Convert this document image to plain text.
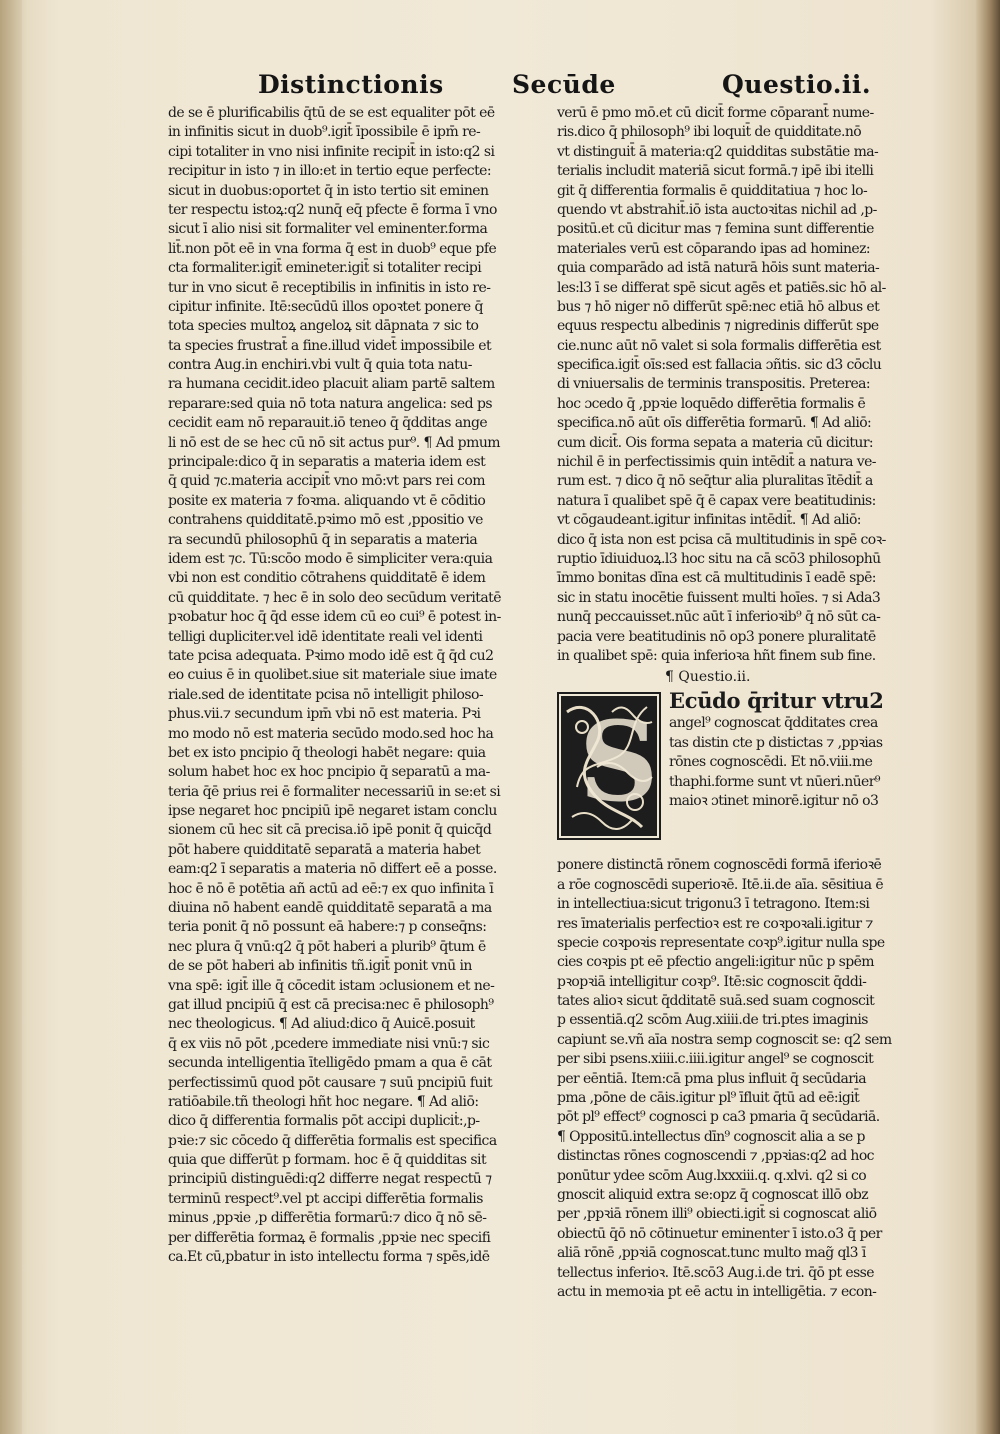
Distinctionis	Secūde	Questio.ii.
de se ē plurificabilis q̄tū de se est equaliter pōt eē
in infinitis sicut in duob⁹.igit̄ īpossibile ē ipm̄ re-
cipi totaliter in vno nisi infinite recipit̄ in isto:q2 si
recipitur in isto ⁊ in illo:et in tertio eque perfecte:
sicut in duobus:oportet q̄ in isto tertio sit eminen
ter respectu istoꝝ:q2 nunq̄ eq̄ pfecte ē forma ī vno
sicut ī alio nisi sit formaliter vel eminenter.forma
lit̄.non pōt eē in vna forma q̄ est in duob⁹ eque pfe
cta formaliter.igit̄ emineter.igit̄ si totaliter recipi
tur in vno sicut ē receptibilis in infinitis in isto re-
cipitur infinite. Itē:secūdū illos opoꝛtet ponere q̄
tota species multoꝝ angeloꝝ sit dāpnata ⁊ sic to
ta species frustrat̄ a fine.illud videt̄ impossibile et
contra Aug.in enchiri.vbi vult q̄ quia tota natu-
ra humana cecidit.ideo placuit aliam partē saltem
reparare:sed quia nō tota natura angelica: sed ps
cecidit eam nō reparauit.iō teneo q̄ q̄dditas ange
li nō est de se hec cū nō sit actus pur⁹. ¶ Ad pmum
principale:dico q̄ in separatis a materia idem est
q̄ quid ⁊c.materia accipit̄ vno mō:vt pars rei com
posite ex materia ⁊ foꝛma. aliquando vt ē cōditio
contrahens quidditatē.pꝛimo mō est ,ppositio ve
ra secundū philosophū q̄ in separatis a materia
idem est ⁊c. Tū:scōo modo ē simpliciter vera:quia
vbi non est conditio cōtrahens quidditatē ē idem
cū quidditate. ⁊ hec ē in solo deo secūdum veritatē
pꝛobatur hoc q̄ q̄d esse idem cū eo cui⁹ ē potest in-
telligi dupliciter.vel idē identitate reali vel identi
tate pcisa adequata. Pꝛimo modo idē est q̄ q̄d cu2
eo cuius ē in quolibet.siue sit materiale siue imate
riale.sed de identitate pcisa nō intelligit philoso-
phus.vii.⁊ secundum ipm̄ vbi nō est materia. Pꝛi
mo modo nō est materia secūdo modo.sed hoc ha
bet ex isto pncipio q̄ theologi habēt negare: quia
solum habet hoc ex hoc pncipio q̄ separatū a ma-
teria q̄ē prius rei ē formaliter necessariū in se:et si
ipse negaret hoc pncipiū ipē negaret istam conclu
sionem cū hec sit cā precisa.iō ipē ponit q̄ quicq̄d
pōt habere quidditatē separatā a materia habet
eam:q2 ī separatis a materia nō differt eē a posse.
hoc ē nō ē potētia añ actū ad eē:⁊ ex quo infinita ī
diuina nō habent eandē quidditatē separatā a ma
teria ponit q̄ nō possunt eā habere:⁊ p conseq̄ns:
nec plura q̄ vnū:q2 q̄ pōt haberi a plurib⁹ q̄tum ē
de se pōt haberi ab infinitis tñ.igit̄ ponit vnū in
vna spē: igit̄ ille q̄ cōcedit istam ɔclusionem et ne-
gat illud pncipiū q̄ est cā precisa:nec ē philosoph⁹
nec theologicus. ¶ Ad aliud:dico q̄ Auicē.posuit
q̄ ex viis nō pōt ,pcedere immediate nisi vnū:⁊ sic
secunda intelligentia ītelligēdo pmam a qua ē cāt
perfectissimū quod pōt causare ⁊ suū pncipiū fuit
ratiōabile.tñ theologi hñt hoc negare. ¶ Ad aliō:
dico q̄ differentia formalis pōt accipi dupliciṫ:,p-
pꝛie:⁊ sic cōcedo q̄ differētia formalis est specifica
quia que differūt p formam. hoc ē q̄ quidditas sit
principiū distinguēdi:q2 differre negat respectū ⁊
terminū respect⁹.vel pt accipi differētia formalis
minus ,ppꝛie ,p differētia formarū:⁊ dico q̄ nō sē-
per differētia formaꝝ ē formalis ,ppꝛie nec specifi
ca.Et cū,pbatur in isto intellectu forma ⁊ spēs,idē
verū ē pmo mō.et cū dicit̄ forme cōparant̄ nume-
ris.dico q̄ philosoph⁹ ibi loquit̄ de quidditate.nō
vt distinguit̄ ā materia:q2 quidditas substātie ma-
terialis includit materiā sicut formā.⁊ ipē ibi itelli
git q̄ differentia formalis ē quidditatiua ⁊ hoc lo-
quendo vt abstrahit̄.iō ista auctoꝛitas nichil ad ,p-
positū.et cū dicitur mas ⁊ femina sunt differentie
materiales verū est cōparando ipas ad hominez:
quia comparādo ad istā naturā hōis sunt materia-
les:l3 ī se differat spē sicut agēs et patiēs.sic hō al-
bus ⁊ hō niger nō differūt spē:nec etiā hō albus et
equus respectu albedinis ⁊ nigredinis differūt spe
cie.nunc aūt nō valet si sola formalis differētia est
specifica.igit̄ oīs:sed est fallacia ɔñtis. sic d3 cōclu
di vniuersalis de terminis transpositis. Preterea:
hoc ɔcedo q̄ ,ppꝛie loquēdo differētia formalis ē
specifica.nō aūt oīs differētia formarū. ¶ Ad aliō:
cum dicit̄. Ois forma sepata a materia cū dicitur:
nichil ē in perfectissimis quin intēdit̄ a natura ve-
rum est. ⁊ dico q̄ nō seq̄tur alia pluralitas ītēdit̄ a
natura ī qualibet spē q̄ ē capax vere beatitudinis:
vt cōgaudeant.igitur infinitas intēdit̄. ¶ Ad aliō:
dico q̄ ista non est pcisa cā multitudinis in spē coꝛ-
ruptio īdiuiduoꝝ.l3 hoc situ na cā scō3 philosophū
īmmo bonitas dīna est cā multitudinis ī eadē spē:
sic in statu inocētie fuissent multi hoīes. ⁊ si Ada3
nunq̄ peccauisset.nūc aūt ī inferioꝛib⁹ q̄ nō sūt ca-
pacia vere beatitudinis nō op3 ponere pluralitatē
in qualibet spē: quia inferioꝛa hñt finem sub fine.
¶ Questio.ii.
S Ecūdo q̄ritur vtru2
angel⁹ cognoscat q̄dditates crea
tas distin cte p distictas ⁊ ,ppꝛias
rōnes cognoscēdi. Et nō.viii.me
thaphi.forme sunt vt nūeri.nūer⁹
maioꝛ ɔtinet minorē.igitur nō o3
ponere distinctā rōnem cognoscēdi formā iferioꝛē
a rōe cognoscēdi superioꝛē. Itē.ii.de aīa. sēsitiua ē
in intellectiua:sicut trigonu3 ī tetragono. Item:si
res īmaterialis perfectioꝛ est re coꝛpoꝛali.igitur ⁊
specie coꝛpoꝛis representate coꝛp⁹.igitur nulla spe
cies coꝛpis pt eē pfectio angeli:igitur nūc p spēm
pꝛopꝛiā intelligitur coꝛp⁹. Itē:sic cognoscit q̄ddi-
tates alioꝛ sicut q̄dditatē suā.sed suam cognoscit
p essentiā.q2 scōm Aug.xiiii.de tri.ptes imaginis
capiunt se.vñ aīa nostra semp cognoscit se: q2 sem
per sibi psens.xiiii.c.iiii.igitur angel⁹ se cognoscit
per eēntiā. Item:cā pma plus influit q̄ secūdaria
pma ,pōne de cāis.igitur pl⁹ īfluit q̄tū ad eē:igit̄
pōt pl⁹ effect⁹ cognosci p ca3 pmaria q̄ secūdariā.
¶ Oppositū.intellectus dīn⁹ cognoscit alia a se p
distinctas rōnes cognoscendi ⁊ ,ppꝛias:q2 ad hoc
ponūtur ydee scōm Aug.lxxxiii.q. q.xlvi. q2 si co
gnoscit aliquid extra se:opz q̄ cognoscat illō obz
per ,ppꝛiā rōnem illi⁹ obiecti.igit̄ si cognoscat aliō
obiectū q̄ō nō cōtinuetur eminenter ī isto.o3 q̄ per
aliā rōnē ,ppꝛiā cognoscat.tunc multo mag̃ ql3 ī
tellectus inferioꝛ. Itē.scō3 Aug.i.de tri. q̄ō pt esse
actu in memoꝛia pt eē actu in intelligētia. ⁊ econ-
